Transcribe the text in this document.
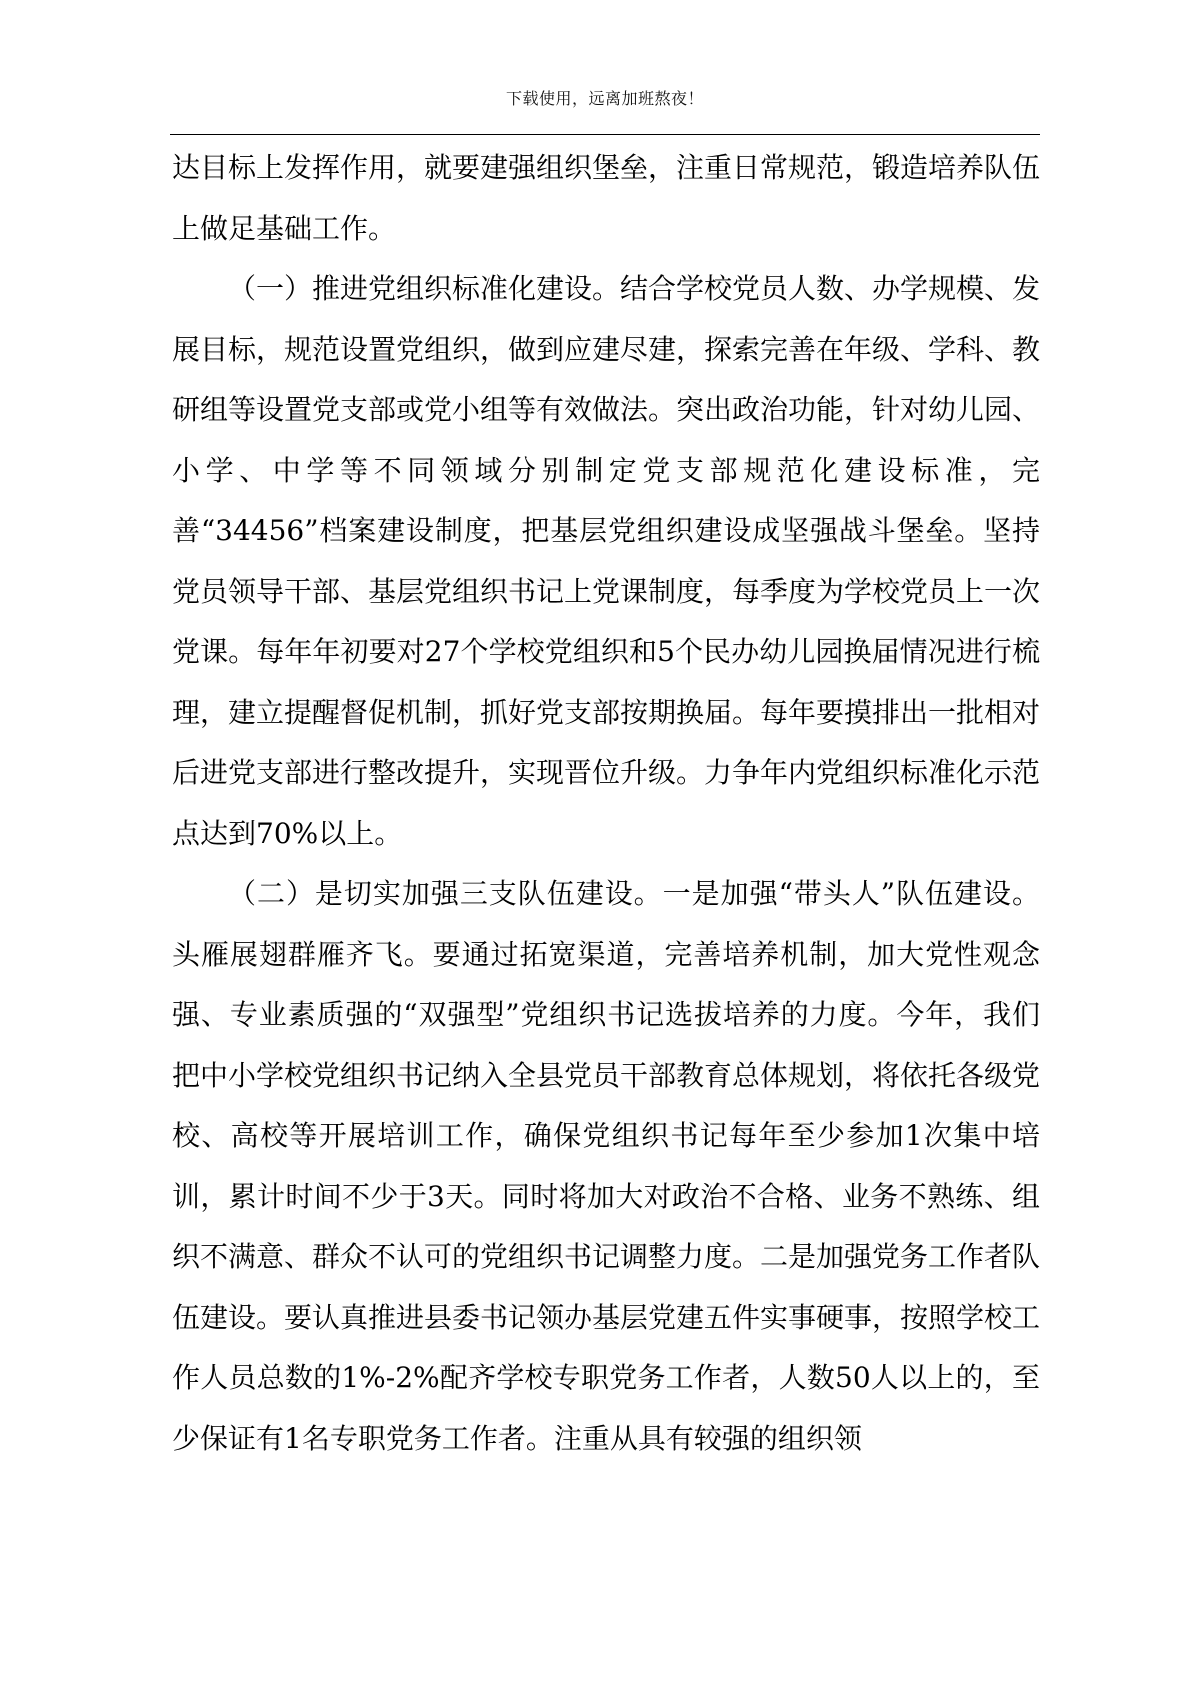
下载使用，远离加班熬夜！

达目标上发挥作用，就要建强组织堡垒，注重日常规范，锻造培养队伍上做足基础工作。

（一）推进党组织标准化建设。结合学校党员人数、办学规模、发展目标，规范设置党组织，做到应建尽建，探索完善在年级、学科、教研组等设置党支部或党小组等有效做法。突出政治功能，针对幼儿园、小学、中学等不同领域分别制定党支部规范化建设标准，完善“34456”档案建设制度，把基层党组织建设成坚强战斗堡垒。坚持党员领导干部、基层党组织书记上党课制度，每季度为学校党员上一次党课。每年年初要对27个学校党组织和5个民办幼儿园换届情况进行梳理，建立提醒督促机制，抓好党支部按期换届。每年要摸排出一批相对后进党支部进行整改提升，实现晋位升级。力争年内党组织标准化示范点达到70%以上。

（二）是切实加强三支队伍建设。一是加强“带头人”队伍建设。头雁展翅群雁齐飞。要通过拓宽渠道，完善培养机制，加大党性观念强、专业素质强的“双强型”党组织书记选拔培养的力度。今年，我们把中小学校党组织书记纳入全县党员干部教育总体规划，将依托各级党校、高校等开展培训工作，确保党组织书记每年至少参加1次集中培训，累计时间不少于3天。同时将加大对政治不合格、业务不熟练、组织不满意、群众不认可的党组织书记调整力度。二是加强党务工作者队伍建设。要认真推进县委书记领办基层党建五件实事硬事，按照学校工作人员总数的1%-2%配齐学校专职党务工作者，人数50人以上的，至少保证有1名专职党务工作者。注重从具有较强的组织领
